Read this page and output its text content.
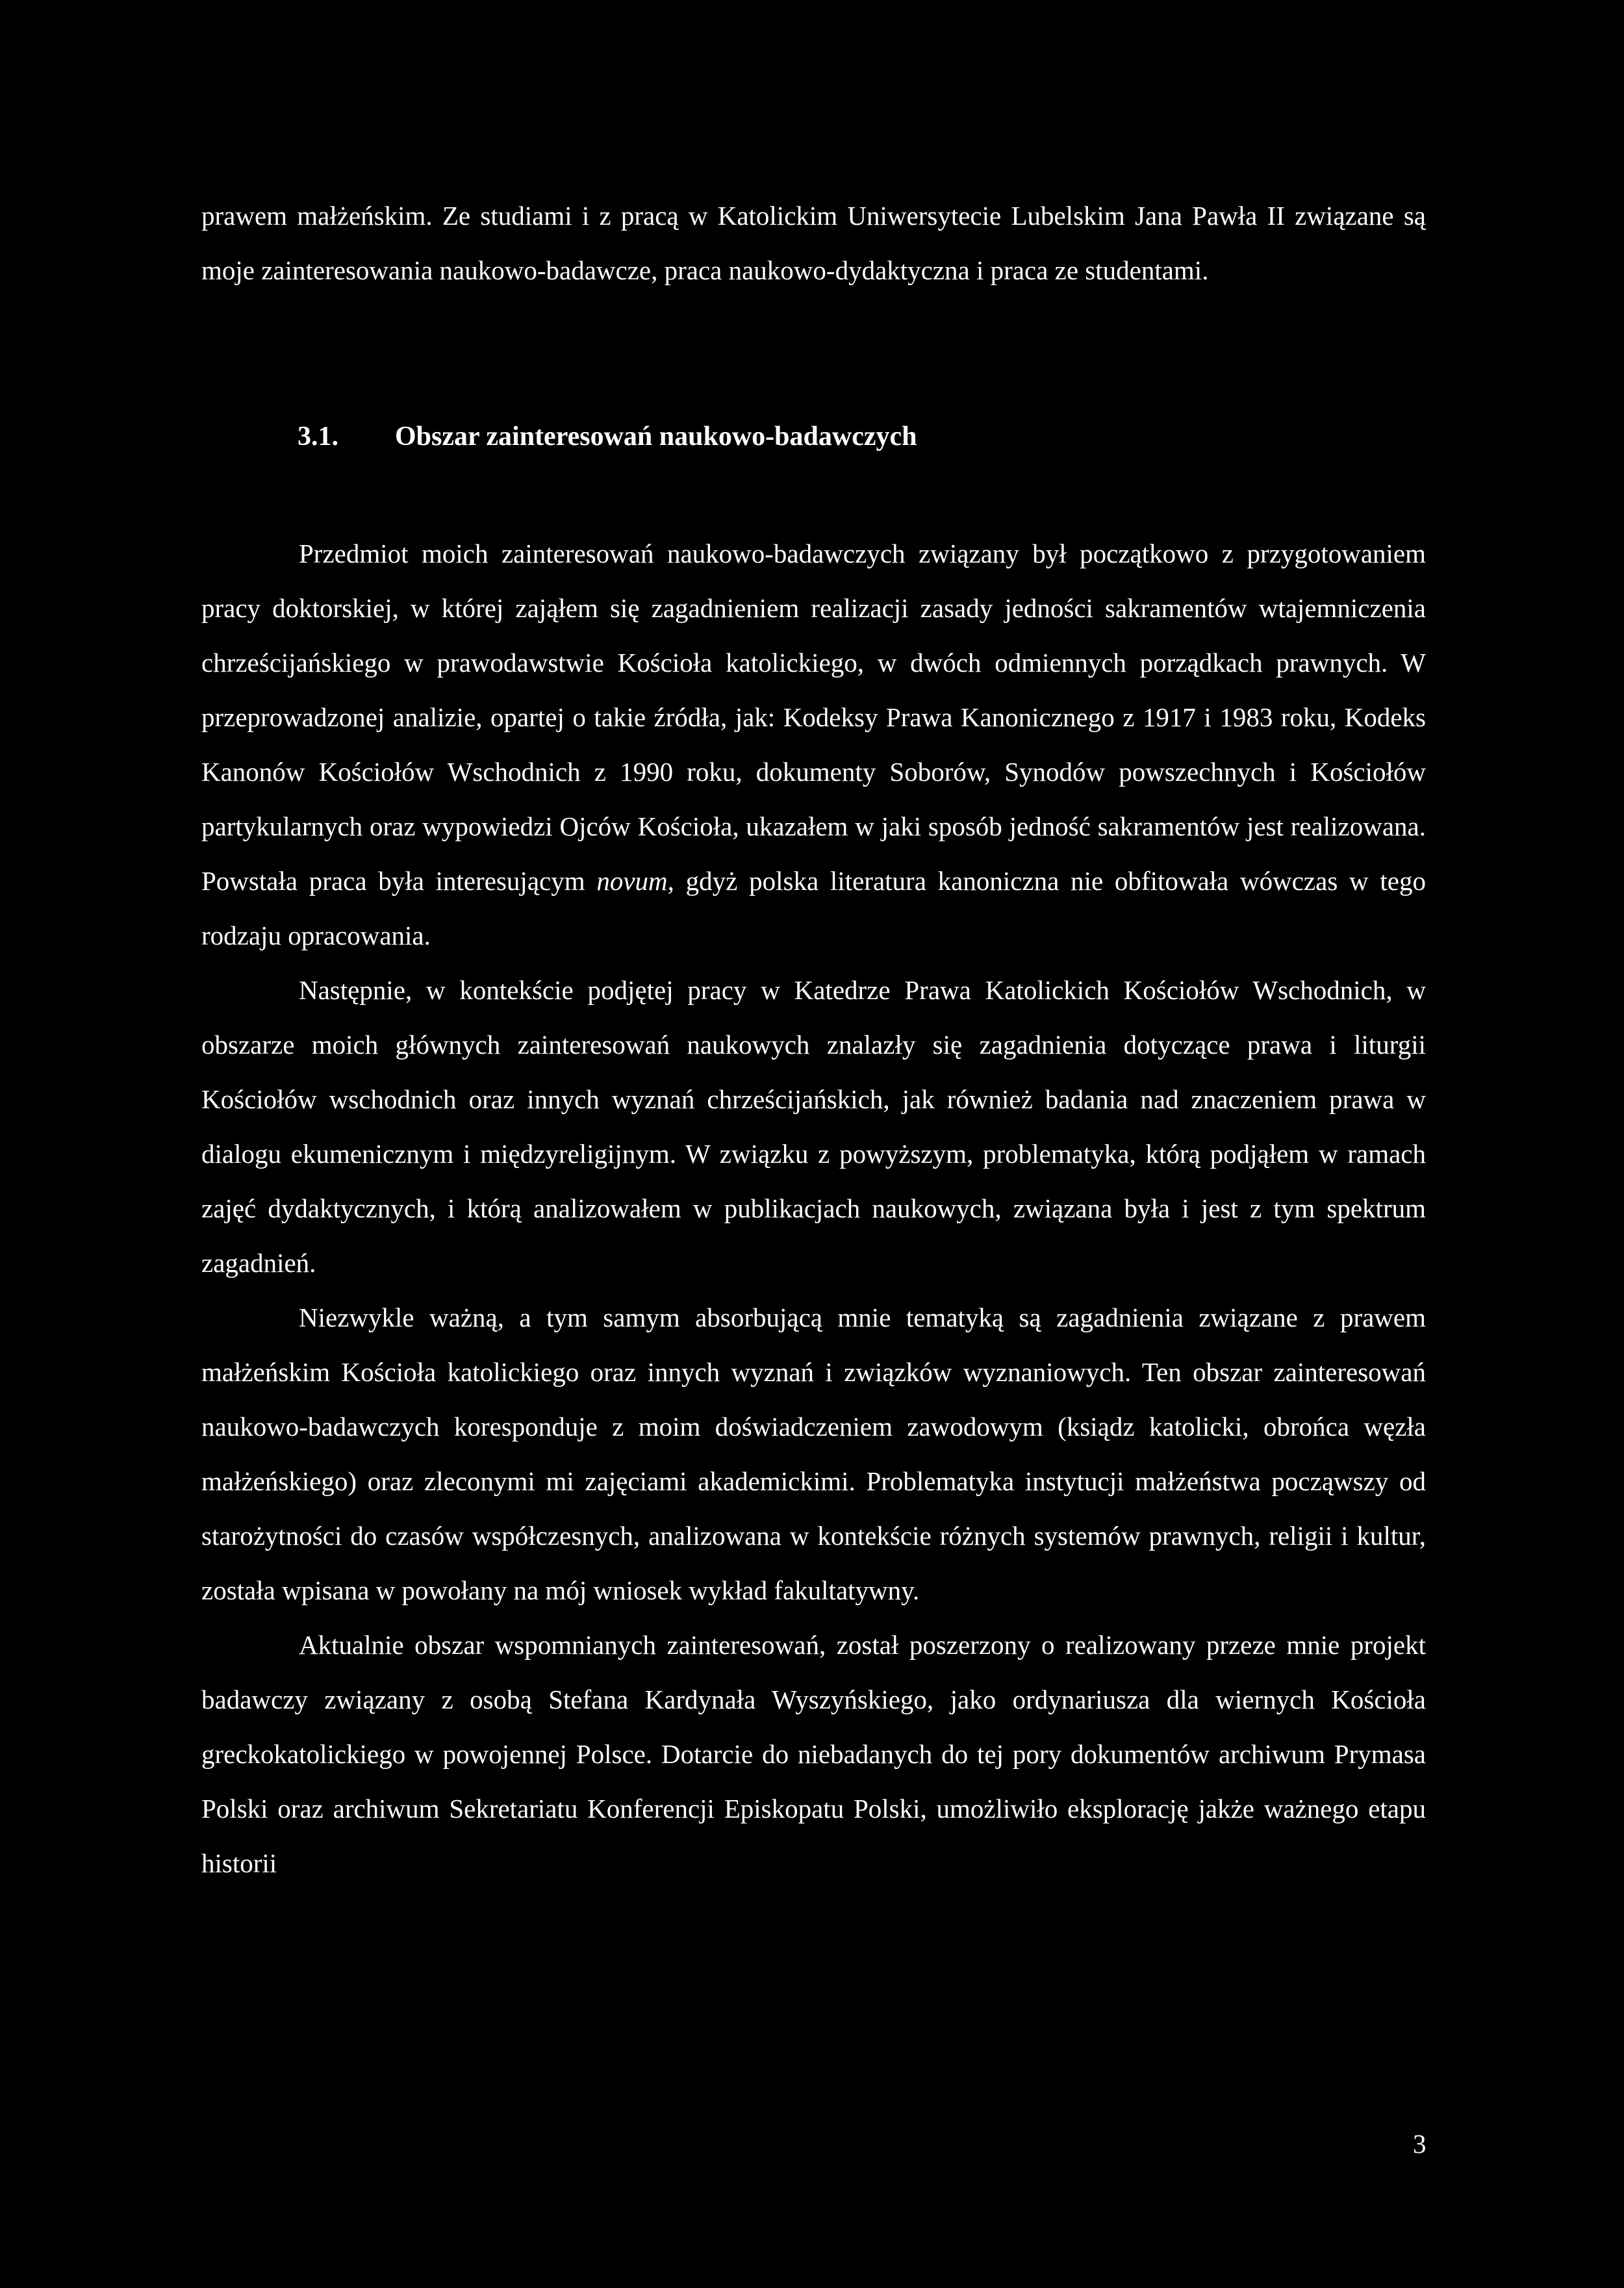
prawem małżeńskim. Ze studiami i z pracą w Katolickim Uniwersytecie Lubelskim Jana Pawła II związane są moje zainteresowania naukowo-badawcze, praca naukowo-dydaktyczna i praca ze studentami.

3.1. Obszar zainteresowań naukowo-badawczych

Przedmiot moich zainteresowań naukowo-badawczych związany był początkowo z przygotowaniem pracy doktorskiej, w której zająłem się zagadnieniem realizacji zasady jedności sakramentów wtajemniczenia chrześcijańskiego w prawodawstwie Kościoła katolickiego, w dwóch odmiennych porządkach prawnych. W przeprowadzonej analizie, opartej o takie źródła, jak: Kodeksy Prawa Kanonicznego z 1917 i 1983 roku, Kodeks Kanonów Kościołów Wschodnich z 1990 roku, dokumenty Soborów, Synodów powszechnych i Kościołów partykularnych oraz wypowiedzi Ojców Kościoła, ukazałem w jaki sposób jedność sakramentów jest realizowana. Powstała praca była interesującym novum, gdyż polska literatura kanoniczna nie obfitowała wówczas w tego rodzaju opracowania.

Następnie, w kontekście podjętej pracy w Katedrze Prawa Katolickich Kościołów Wschodnich, w obszarze moich głównych zainteresowań naukowych znalazły się zagadnienia dotyczące prawa i liturgii Kościołów wschodnich oraz innych wyznań chrześcijańskich, jak również badania nad znaczeniem prawa w dialogu ekumenicznym i międzyreligijnym. W związku z powyższym, problematyka, którą podjąłem w ramach zajęć dydaktycznych, i którą analizowałem w publikacjach naukowych, związana była i jest z tym spektrum zagadnień.

Niezwykle ważną, a tym samym absorbującą mnie tematyką są zagadnienia związane z prawem małżeńskim Kościoła katolickiego oraz innych wyznań i związków wyznaniowych. Ten obszar zainteresowań naukowo-badawczych koresponduje z moim doświadczeniem zawodowym (ksiądz katolicki, obrońca węzła małżeńskiego) oraz zleconymi mi zajęciami akademickimi. Problematyka instytucji małżeństwa począwszy od starożytności do czasów współczesnych, analizowana w kontekście różnych systemów prawnych, religii i kultur, została wpisana w powołany na mój wniosek wykład fakultatywny.

Aktualnie obszar wspomnianych zainteresowań, został poszerzony o realizowany przeze mnie projekt badawczy związany z osobą Stefana Kardynała Wyszyńskiego, jako ordynariusza dla wiernych Kościoła greckokatolickiego w powojennej Polsce. Dotarcie do niebadanych do tej pory dokumentów archiwum Prymasa Polski oraz archiwum Sekretariatu Konferencji Episkopatu Polski, umożliwiło eksplorację jakże ważnego etapu historii

3
